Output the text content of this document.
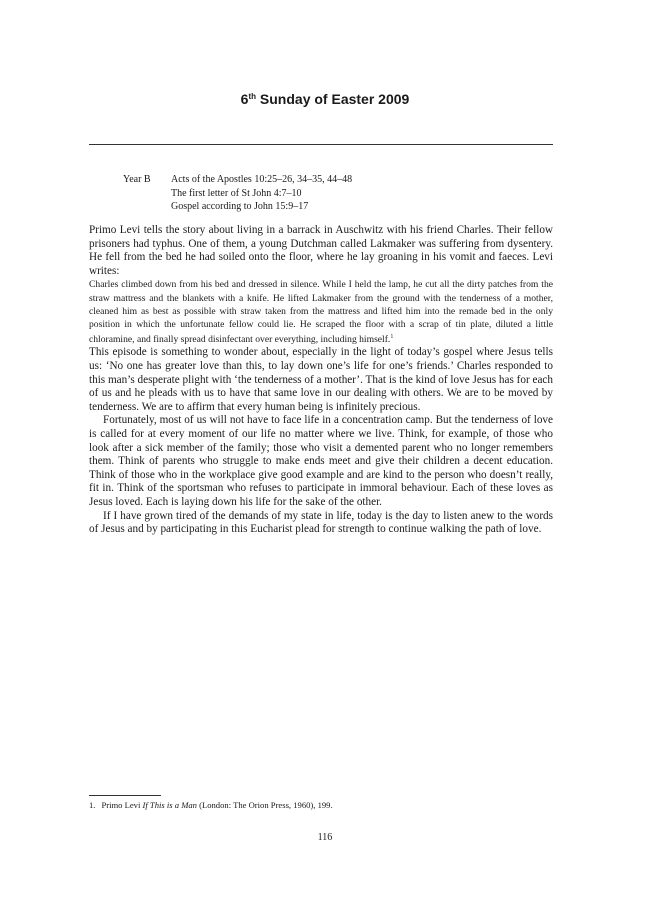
6th Sunday of Easter 2009
Year B	Acts of the Apostles 10:25–26, 34–35, 44–48
The first letter of St John 4:7–10
Gospel according to John 15:9–17

Primo Levi tells the story about living in a barrack in Auschwitz with his friend Charles. Their fellow prisoners had typhus. One of them, a young Dutchman called Lakmaker was suffering from dysentery. He fell from the bed he had soiled onto the floor, where he lay groaning in his vomit and faeces. Levi writes:

Charles climbed down from his bed and dressed in silence. While I held the lamp, he cut all the dirty patches from the straw mattress and the blankets with a knife. He lifted Lakmaker from the ground with the tenderness of a mother, cleaned him as best as possible with straw taken from the mattress and lifted him into the remade bed in the only position in which the unfortunate fellow could lie. He scraped the floor with a scrap of tin plate, diluted a little chloramine, and finally spread disinfectant over everything, including himself.$^1$

This episode is something to wonder about, especially in the light of today’s gospel where Jesus tells us: ‘No one has greater love than this, to lay down one’s life for one’s friends.’ Charles responded to this man’s desperate plight with ‘the tenderness of a mother’. That is the kind of love Jesus has for each of us and he pleads with us to have that same love in our dealing with others. We are to be moved by tenderness. We are to affirm that every human being is infinitely precious.

Fortunately, most of us will not have to face life in a concentration camp. But the tenderness of love is called for at every moment of our life no matter where we live. Think, for example, of those who look after a sick member of the family; those who visit a demented parent who no longer remembers them. Think of parents who struggle to make ends meet and give their children a decent education. Think of those who in the workplace give good example and are kind to the person who doesn’t really, fit in. Think of the sportsman who refuses to participate in immoral behaviour. Each of these loves as Jesus loved. Each is laying down his life for the sake of the other.

If I have grown tired of the demands of my state in life, today is the day to listen anew to the words of Jesus and by participating in this Eucharist plead for strength to continue walking the path of love.

1. Primo Levi If This is a Man (London: The Orion Press, 1960), 199.
116
